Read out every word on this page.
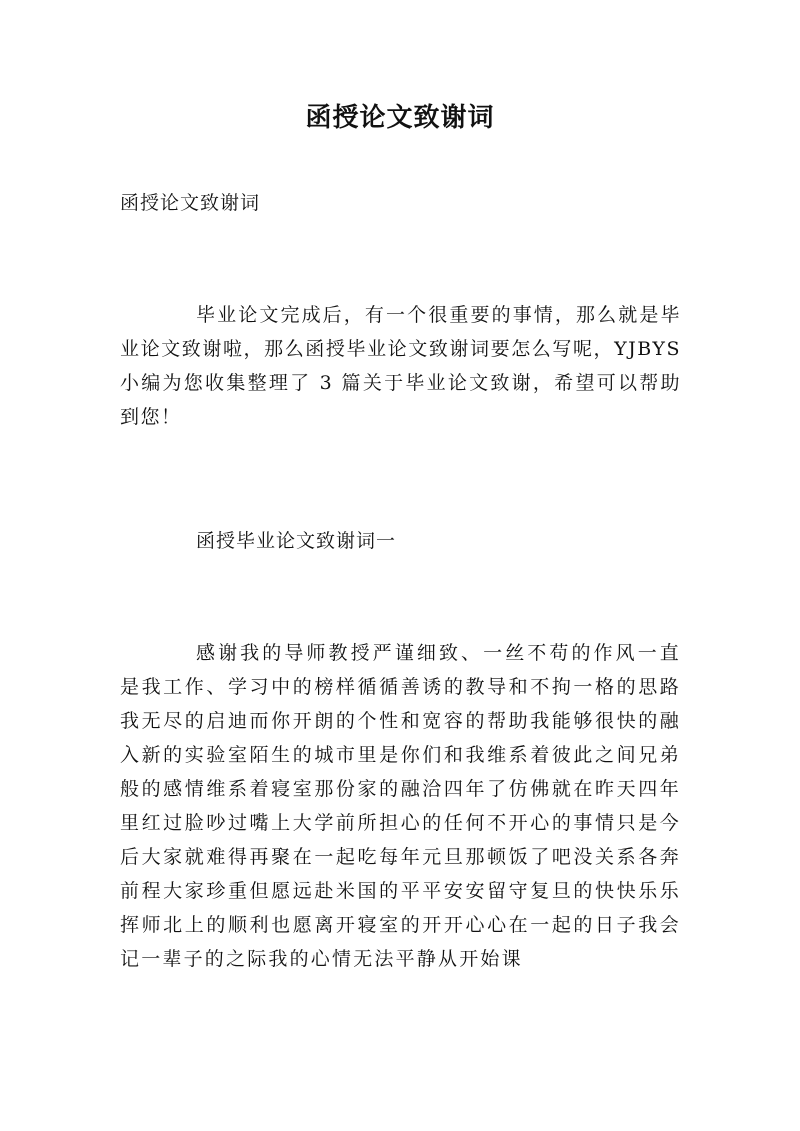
函授论文致谢词

函授论文致谢词

毕业论文完成后，有一个很重要的事情，那么就是毕业论文致谢啦，那么函授毕业论文致谢词要怎么写呢，YJBYS小编为您收集整理了 3 篇关于毕业论文致谢，希望可以帮助到您！

函授毕业论文致谢词一

感谢我的导师教授严谨细致、一丝不苟的作风一直是我工作、学习中的榜样循循善诱的教导和不拘一格的思路我无尽的启迪而你开朗的个性和宽容的帮助我能够很快的融入新的实验室陌生的城市里是你们和我维系着彼此之间兄弟般的感情维系着寝室那份家的融洽四年了仿佛就在昨天四年里红过脸吵过嘴上大学前所担心的任何不开心的事情只是今后大家就难得再聚在一起吃每年元旦那顿饭了吧没关系各奔前程大家珍重但愿远赴米国的平平安安留守复旦的快快乐乐挥师北上的顺利也愿离开寝室的开开心心在一起的日子我会记一辈子的之际我的心情无法平静从开始课
